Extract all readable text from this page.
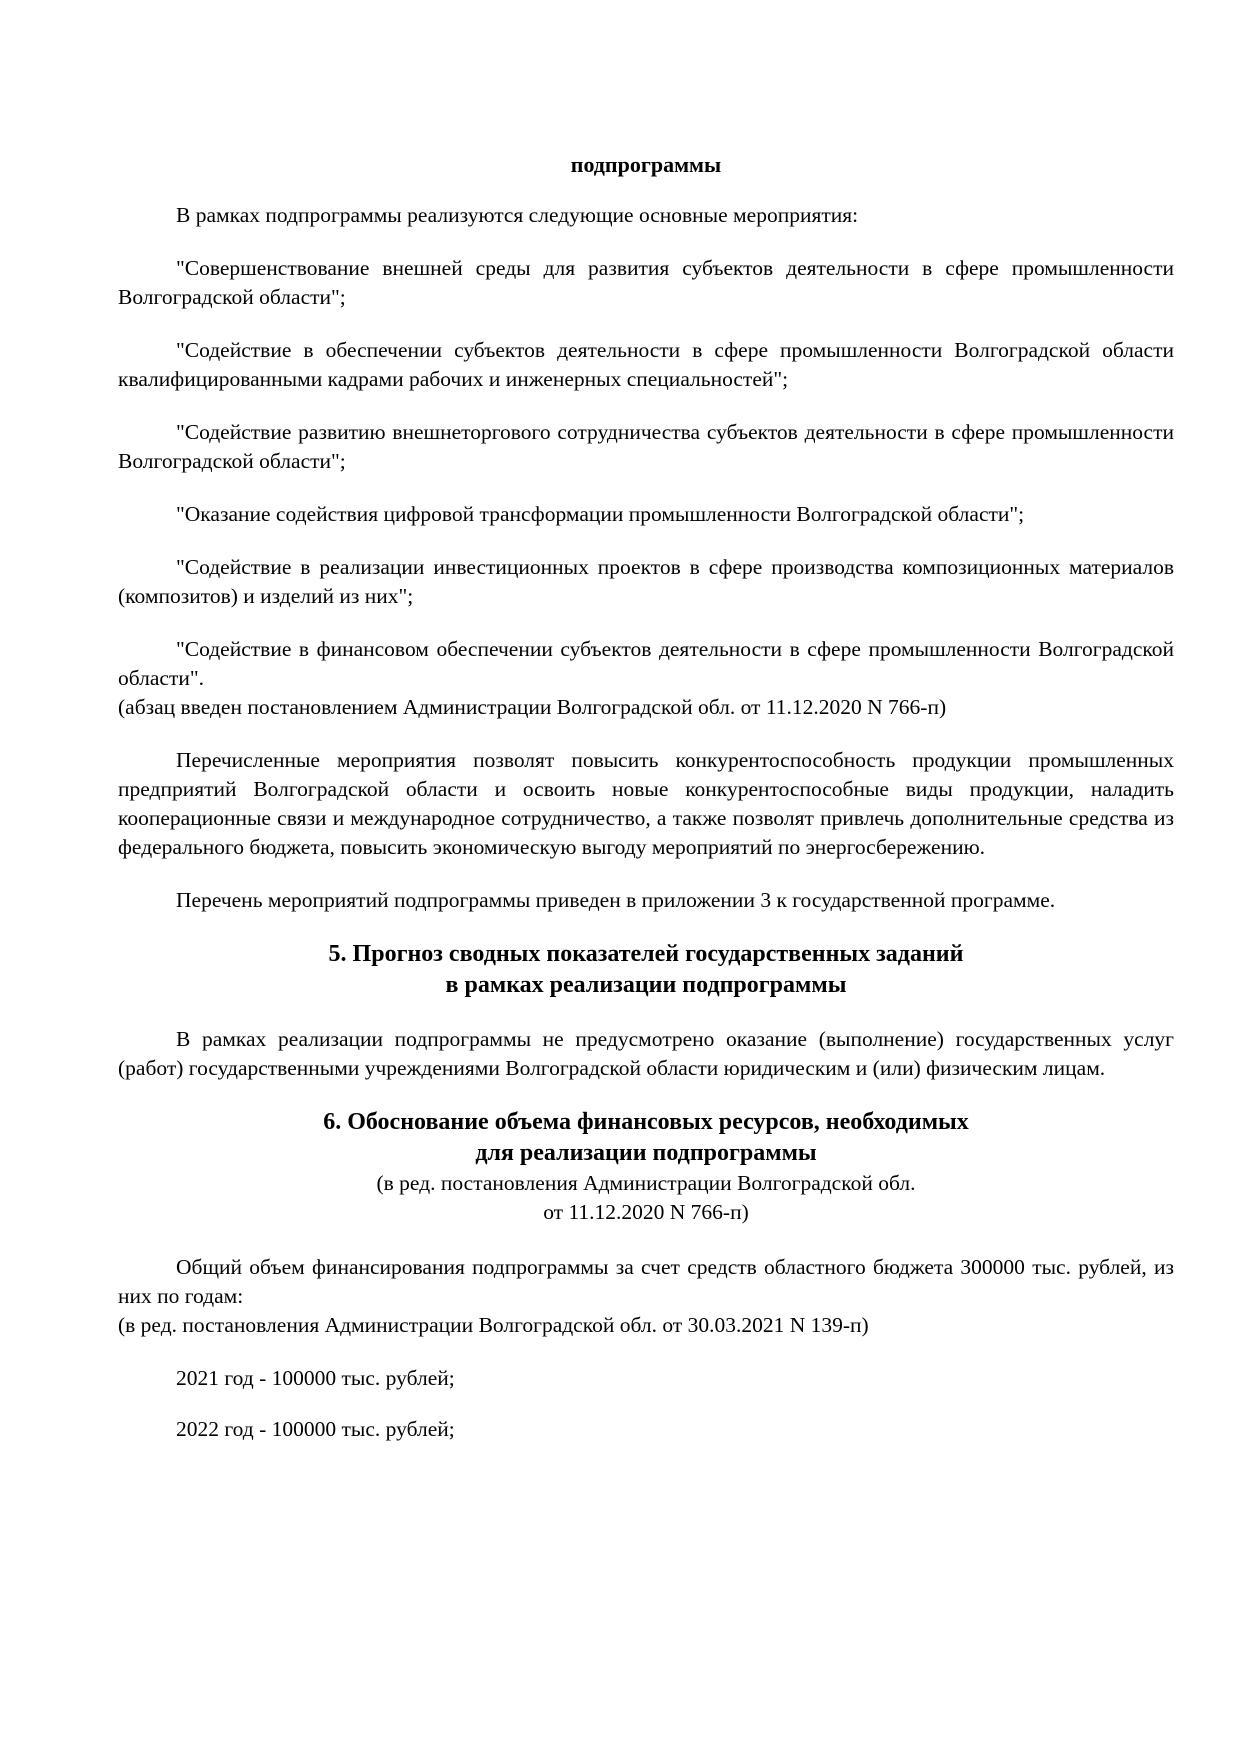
подпрограммы

В рамках подпрограммы реализуются следующие основные мероприятия:

"Совершенствование внешней среды для развития субъектов деятельности в сфере промышленности Волгоградской области";

"Содействие в обеспечении субъектов деятельности в сфере промышленности Волгоградской области квалифицированными кадрами рабочих и инженерных специальностей";

"Содействие развитию внешнеторгового сотрудничества субъектов деятельности в сфере промышленности Волгоградской области";

"Оказание содействия цифровой трансформации промышленности Волгоградской области";

"Содействие в реализации инвестиционных проектов в сфере производства композиционных материалов (композитов) и изделий из них";

"Содействие в финансовом обеспечении субъектов деятельности в сфере промышленности Волгоградской области".

(абзац введен постановлением Администрации Волгоградской обл. от 11.12.2020 N 766-п)

Перечисленные мероприятия позволят повысить конкурентоспособность продукции промышленных предприятий Волгоградской области и освоить новые конкурентоспособные виды продукции, наладить кооперационные связи и международное сотрудничество, а также позволят привлечь дополнительные средства из федерального бюджета, повысить экономическую выгоду мероприятий по энергосбережению.

Перечень мероприятий подпрограммы приведен в приложении 3 к государственной программе.

5. Прогноз сводных показателей государственных заданий
в рамках реализации подпрограммы

В рамках реализации подпрограммы не предусмотрено оказание (выполнение) государственных услуг (работ) государственными учреждениями Волгоградской области юридическим и (или) физическим лицам.

6. Обоснование объема финансовых ресурсов, необходимых
для реализации подпрограммы
(в ред. постановления Администрации Волгоградской обл.
от 11.12.2020 N 766-п)

Общий объем финансирования подпрограммы за счет средств областного бюджета 300000 тыс. рублей, из них по годам:

(в ред. постановления Администрации Волгоградской обл. от 30.03.2021 N 139-п)

2021 год - 100000 тыс. рублей;

2022 год - 100000 тыс. рублей;
